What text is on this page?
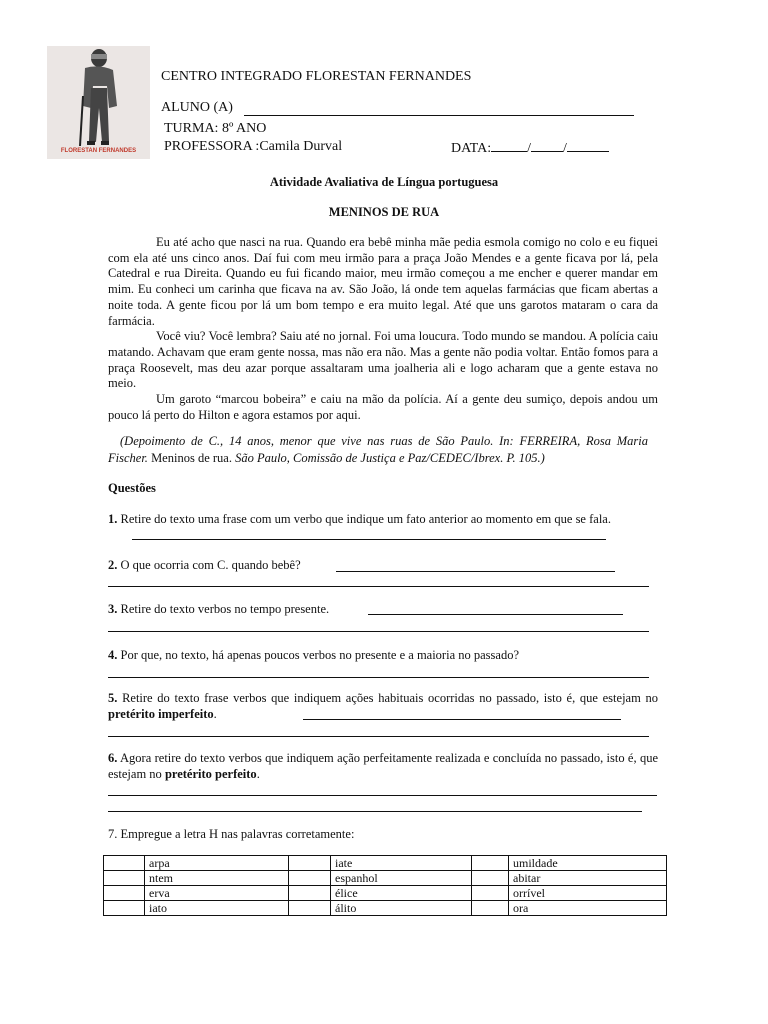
FLORESTAN FERNANDES
CENTRO INTEGRADO FLORESTAN FERNANDES
ALUNO (A)
TURMA: 8º ANO
PROFESSORA :Camila Durval	DATA:	/ /
Atividade Avaliativa de Língua portuguesa
MENINOS DE RUA

Eu até acho que nasci na rua. Quando era bebê minha mãe pedia esmola comigo no colo e eu fiquei com ela até uns cinco anos. Daí fui com meu irmão para a praça João Mendes e a gente ficava por lá, pela Catedral e rua Direita. Quando eu fui ficando maior, meu irmão começou a me encher e querer mandar em mim. Eu conheci um carinha que ficava na av. São João, lá onde tem aquelas farmácias que ficam abertas a noite toda. A gente ficou por lá um bom tempo e era muito legal. Até que uns garotos mataram o cara da farmácia.

Você viu? Você lembra? Saiu até no jornal. Foi uma loucura. Todo mundo se mandou. A polícia caiu matando. Achavam que eram gente nossa, mas não era não. Mas a gente não podia voltar. Então fomos para a praça Roosevelt, mas deu azar porque assaltaram uma joalheria ali e logo acharam que a gente estava no meio.

Um garoto “marcou bobeira” e caiu na mão da polícia. Aí a gente deu sumiço, depois andou um pouco lá perto do Hilton e agora estamos por aqui.

(Depoimento de C., 14 anos, menor que vive nas ruas de São Paulo. In: FERREIRA, Rosa Maria Fischer. Meninos de rua. São Paulo, Comissão de Justiça e Paz/CEDEC/Ibrex. P. 105.)
Questões
1. Retire do texto uma frase com um verbo que indique um fato anterior ao momento em que se fala.
2. O que ocorria com C. quando bebê?
3. Retire do texto verbos no tempo presente.
4. Por que, no texto, há apenas poucos verbos no presente e a maioria no passado?
5. Retire do texto frase verbos que indiquem ações habituais ocorridas no passado, isto é, que estejam no pretérito imperfeito.
6. Agora retire do texto verbos que indiquem ação perfeitamente realizada e concluída no passado, isto é, que estejam no pretérito perfeito.
7. Empregue a letra H nas palavras corretamente:
	arpa		iate		umildade
	ntem		espanhol		abitar
	erva		élice		orrível
	iato		álito		ora
